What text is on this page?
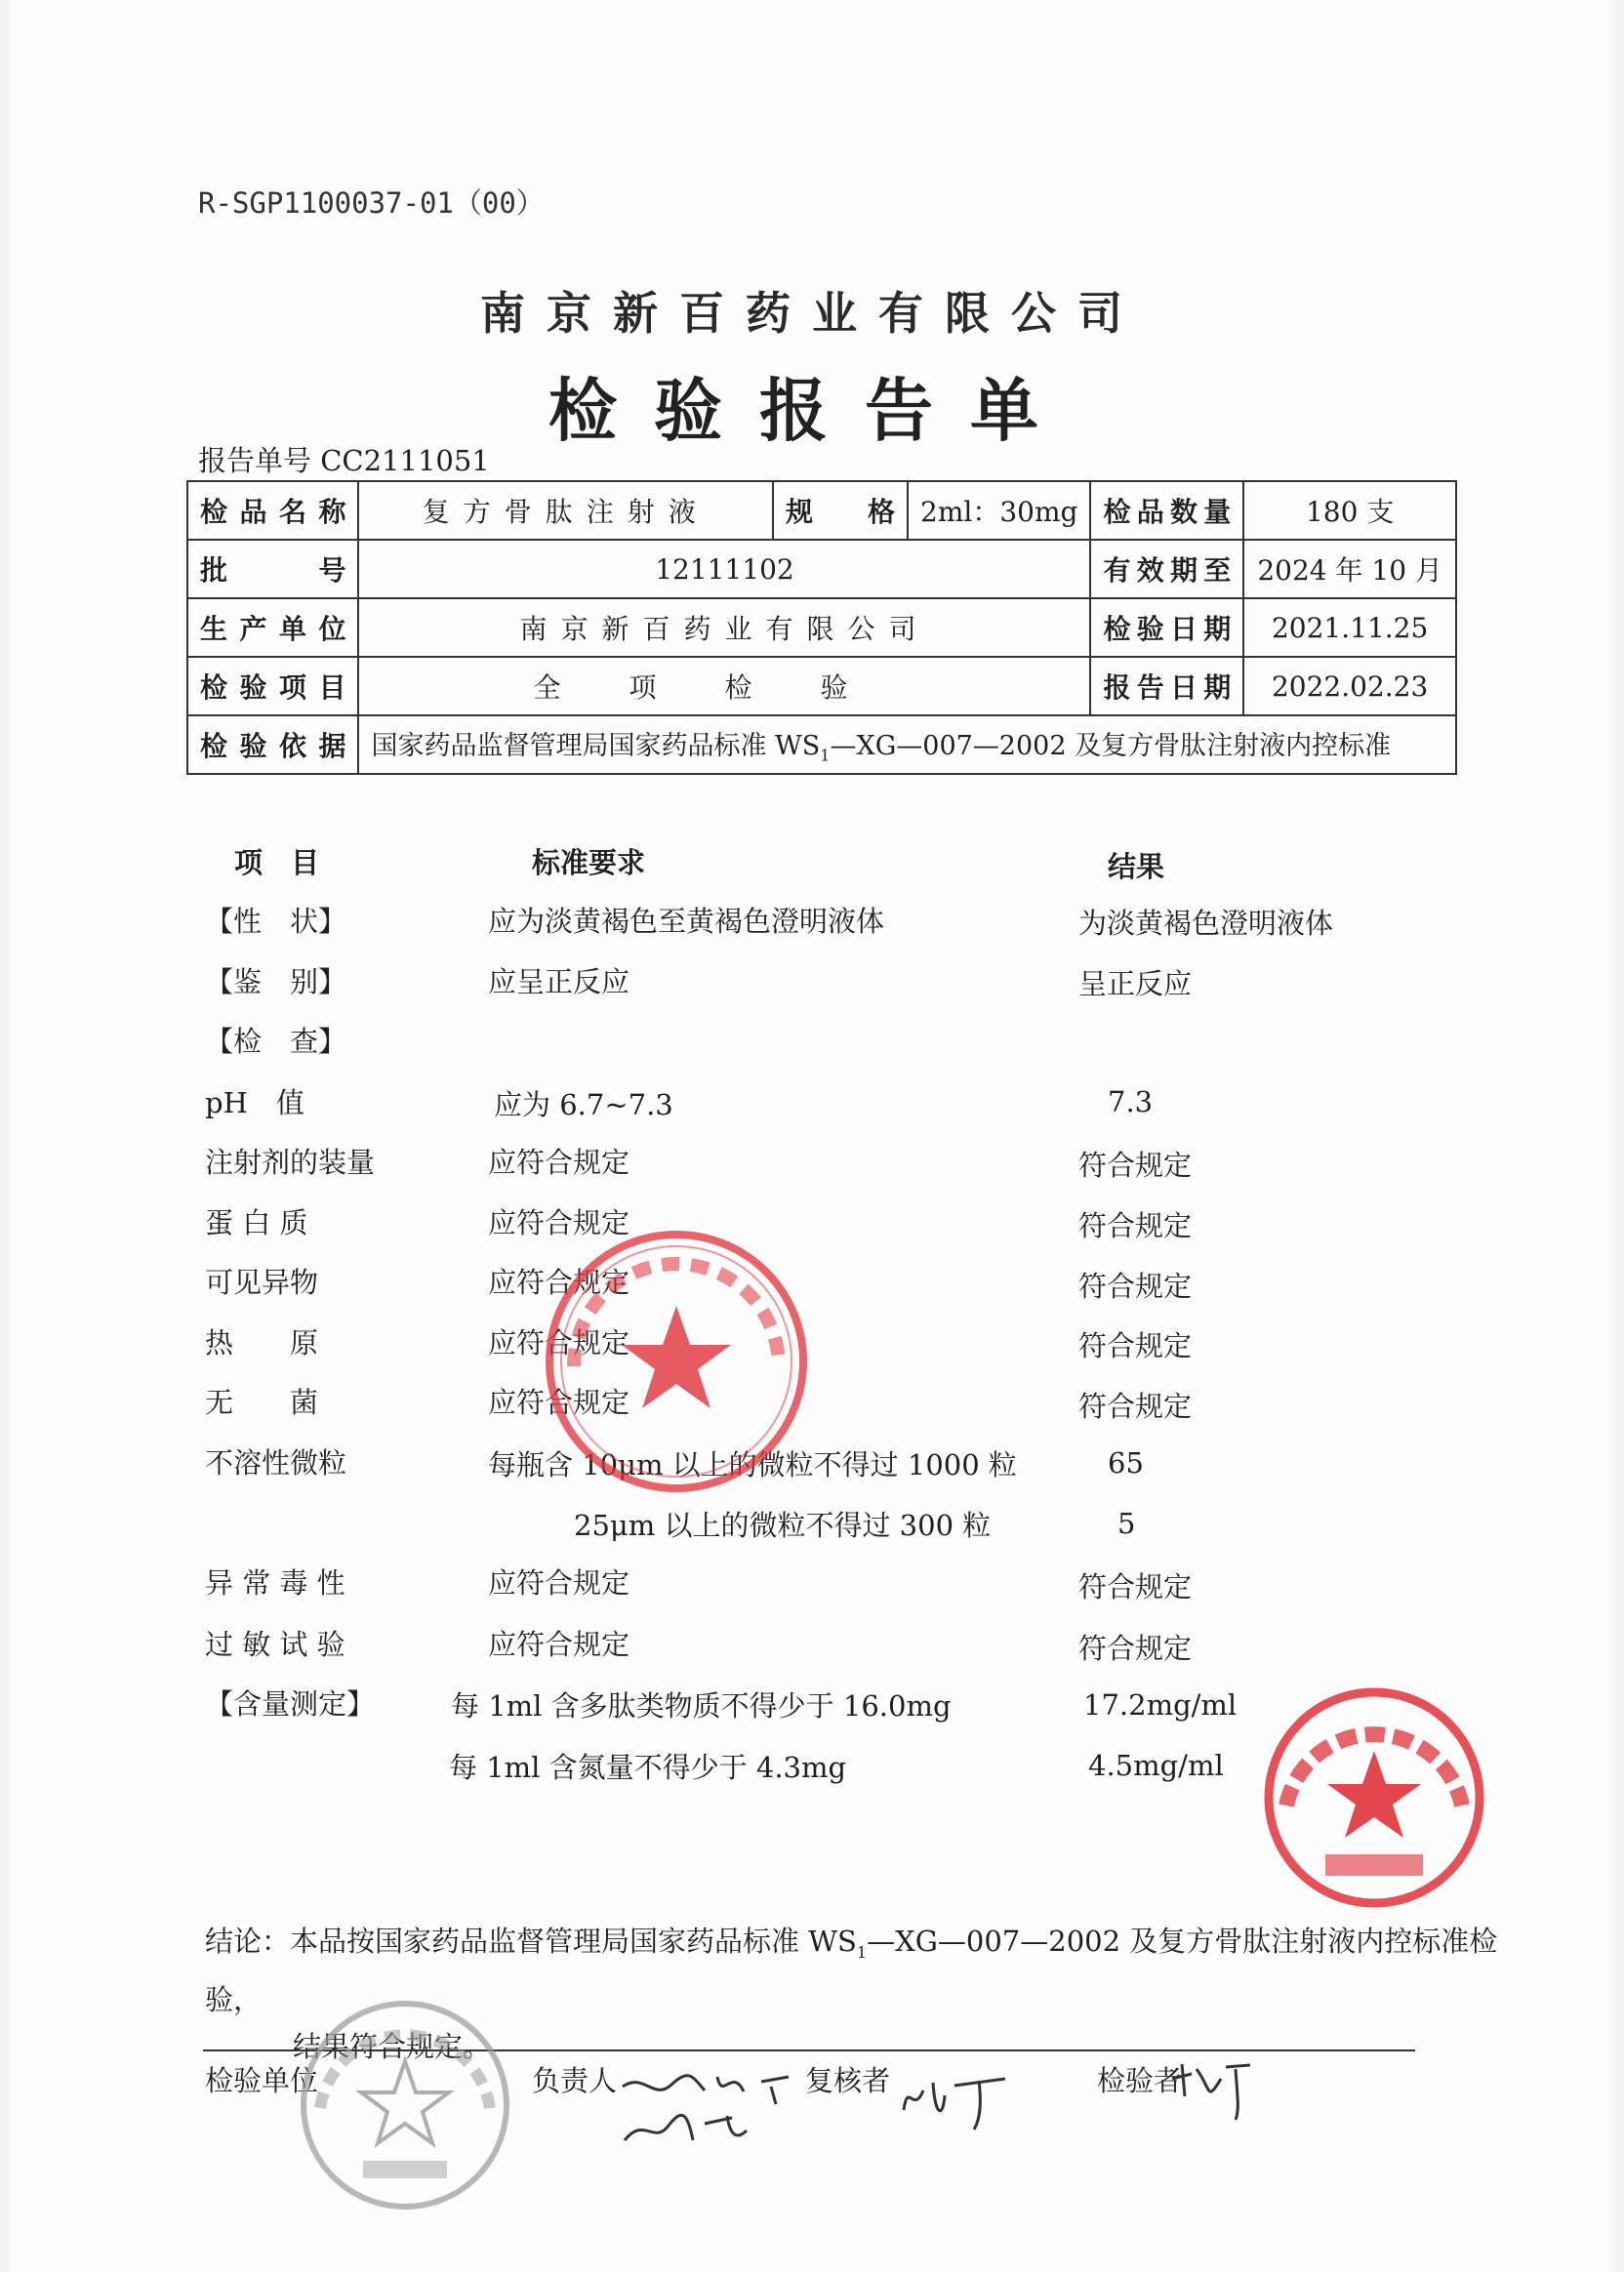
R-SGP1100037-01（00）
南京新百药业有限公司
检验报告单
报告单号 CC2111051
检品名称	复方骨肽注射液	规　　格	2ml：30mg	检品数量	180 支
批号	12111102			有效期至	2024 年 10 月
生产单位	南京新百药业有限公司			检验日期	2021.11.25
检验项目	全项检验			报告日期	2022.02.23
检验依据	国家药品监督管理局国家药品标准 $WS_1—XG—007—2002$ 及复方骨肽注射液内控标准				
项　目	标准要求	结果
【性　状】	应为淡黄褐色至黄褐色澄明液体	为淡黄褐色澄明液体
【鉴　别】	应呈正反应	呈正反应
【检　查】
pH　值	应为 6.7~7.3	7.3
注射剂的装量	应符合规定	符合规定
蛋 白 质	应符合规定	符合规定
可见异物	应符合规定	符合规定
热　　原	应符合规定	符合规定
无　　菌	应符合规定	符合规定
不溶性微粒	每瓶含 10μm 以上的微粒不得过 1000 粒	65
25μm 以上的微粒不得过 300 粒	5
异 常 毒 性	应符合规定	符合规定
过 敏 试 验	应符合规定	符合规定
【含量测定】	每 1ml 含多肽类物质不得少于 16.0mg	17.2mg/ml
每 1ml 含氮量不得少于 4.3mg	4.5mg/ml
结论：本品按国家药品监督管理局国家药品标准 $WS_1—XG—007—2002$ 及复方骨肽注射液内控标准检验，
结果符合规定。
检验单位	负责人	复核者	检验者
